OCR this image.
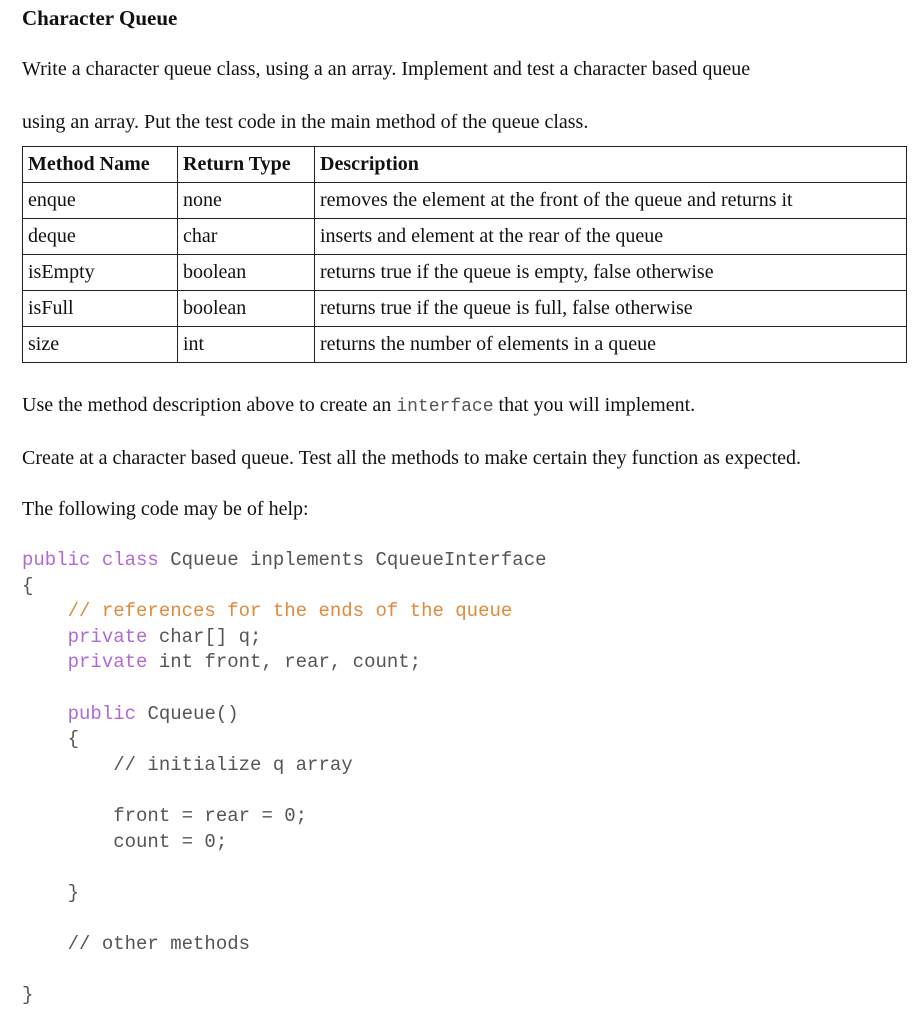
Character Queue
Write a character queue class, using a an array. Implement and test a character based queue
using an array. Put the test code in the main method of the queue class.
Method Name	Return Type	Description
enque	none	removes the element at the front of the queue and returns it
deque	char	inserts and element at the rear of the queue
isEmpty	boolean	returns true if the queue is empty, false otherwise
isFull	boolean	returns true if the queue is full, false otherwise
size	int	returns the number of elements in a queue
Use the method description above to create an interface that you will implement.
Create at a character based queue. Test all the methods to make certain they function as expected.
The following code may be of help:
public class Cqueue inplements CqueueInterface
{
// references for the ends of the queue
private char[] q;
private int front, rear, count;

public Cqueue()
{
// initialize q array

front = rear = 0;
count = 0;

}

// other methods

}
